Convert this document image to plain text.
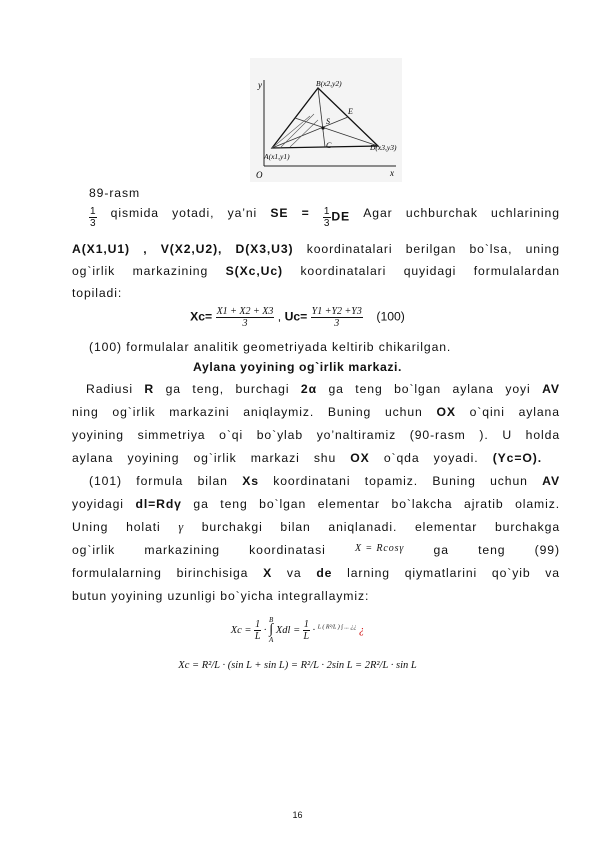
y
x
O
B(x2,y2)
D(x3,y3)
A(x1,y1)
C
E
S
89-rasm
$\frac{1}{3}$ qismida yotadi, ya’ni SE = $\frac{1}{3}$ DE Agar uchburchak uchlarining
A(X1,U1) , V(X2,U2), D(X3,U3) koordinatalari berilgan bo`lsa, uning
og`irlik markazining S(Xc,Uc) koordinatalari quyidagi formulalardan
topiladi:
$Xc= \frac{X1 + X2 + X3}{3}$ , $Uc= \frac{Y1 +Y2 +Y3}{3} (100)$
(100) formulalar analitik geometriyada keltirib chikarilgan.
Aylana yoyining og`irlik markazi.
Radiusi R ga teng, burchagi 2α ga teng bo`lgan aylana yoyi AV
ning og`irlik markazini aniqlaymiz. Buning uchun OX o`qini aylana
yoyining simmetriya o`qi bo`ylab yo’naltiramiz (90-rasm ). U holda
aylana yoyining og`irlik markazi shu OX o`qda yoyadi. (Yc=O).
(101) formula bilan Xs koordinatani topamiz. Buning uchun AV
yoyidagi dl=Rdγ ga teng bo`lgan elementar bo`lakcha ajratib olamiz.
Uning holati γ burchakgi bilan aniqlanadi. elementar burchakga
og`irlik markazining koordinatasi	X = Rcosγ ga teng (99)
formulalarning birinchisiga X va de larning qiymatlarini qo`yib va
butun yoyining uzunligi bo`yicha integrallaymiz:
$Xc = \frac{1}{L} \cdot B$
∫
A Xdl = $\frac{1}{L} \cdot ^{L ( R^2/L ) \int ... ¿¿}$ ¿
Xc = R²/L · (sin L + sin L) = R²/L · 2sin L = 2R²/L · sin L
16
